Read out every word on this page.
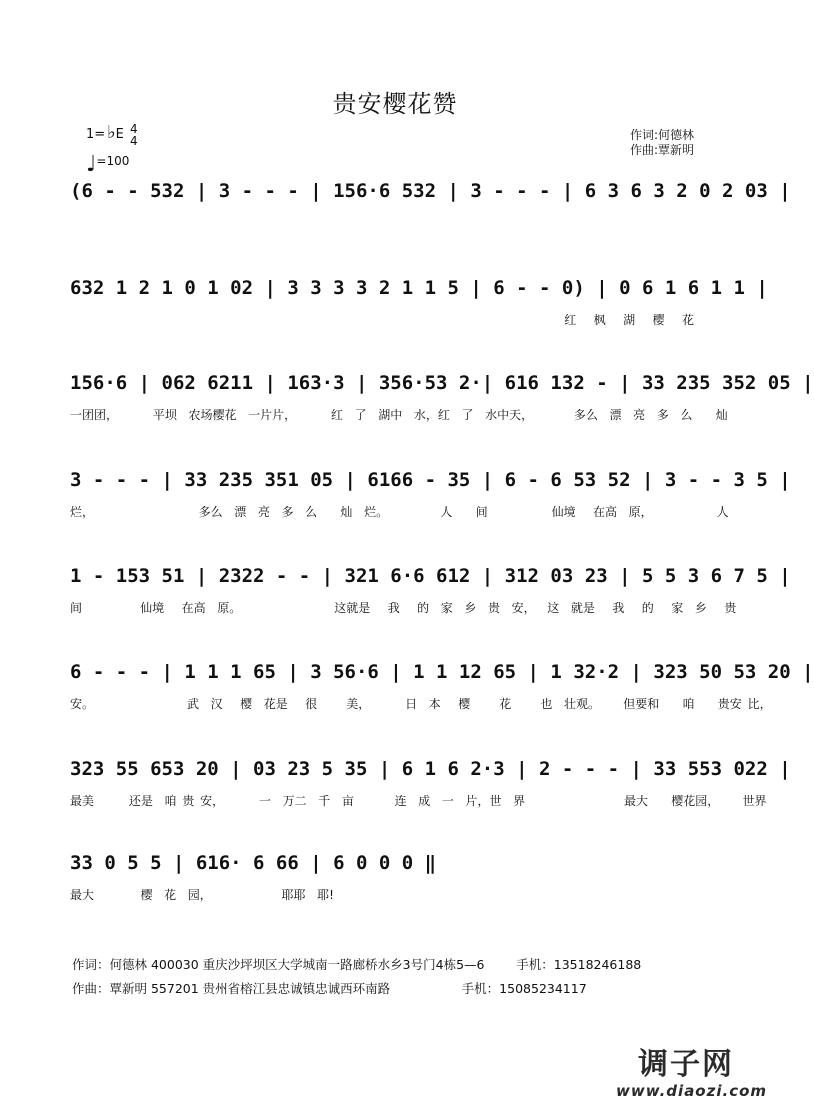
贵安樱花赞
1= ♭E 4
4
♩=100
作词:何德林
作曲:覃新明
(6 - - 532 | 3 - - - | 156·6 532 | 3 - - - | 6 3 6 3 2 0 2 03 |
632 1 2 1 0 1 02 | 3 3 3 3 2 1 1 5 | 6 - - 0) | 0 6 1 6 1 1 |
红   枫   湖   樱   花
156·6 | 062 6211 | 163·3 | 356·53 2·| 616 132 - | 33 235 352 05 |
一团团，      平坝  农场樱花  一片片，      红  了  湖中  水，红  了  水中天，       多么  漂  亮  多  么    灿
3 - - - | 33 235 351 05 | 6166 - 35 | 6 - 6 53 52 | 3 - - 3 5 |
烂，                  多么  漂  亮  多  么    灿  烂。         人    间           仙境   在高  原，           人
1 - 153 51 | 2322 - - | 321 6·6 612 | 312 03 23 | 5 5 3 6 7 5 |
间          仙境   在高  原。                这就是   我   的  家  乡  贵  安，  这  就是   我   的   家  乡   贵
6 - - - | 1 1 1 65 | 3 56·6 | 1 1 12 65 | 1 32·2 | 323 50 53 20 |
安。                武  汉   樱  花是   很     美，      日  本   樱     花     也  壮观。    但要和    咱    贵安 比，
323 55 653 20 | 03 23 5 35 | 6 1 6 2·3 | 2 - - - | 33 553 022 |
最美      还是  咱 贵 安，      一  万二  千  亩       连  成  一  片，世  界                 最大    樱花园，    世界
33 0 5 5 | 616· 6 66 | 6 0 0 0 ‖
最大        樱  花  园，            耶耶  耶!
作词：何德林 400030 重庆沙坪坝区大学城南一路廊桥水乡3号门4栋5—6        手机：13518246188
作曲：覃新明 557201 贵州省榕江县忠诚镇忠诚西环南路                  手机：15085234117
调子网
www.diaozi.com
